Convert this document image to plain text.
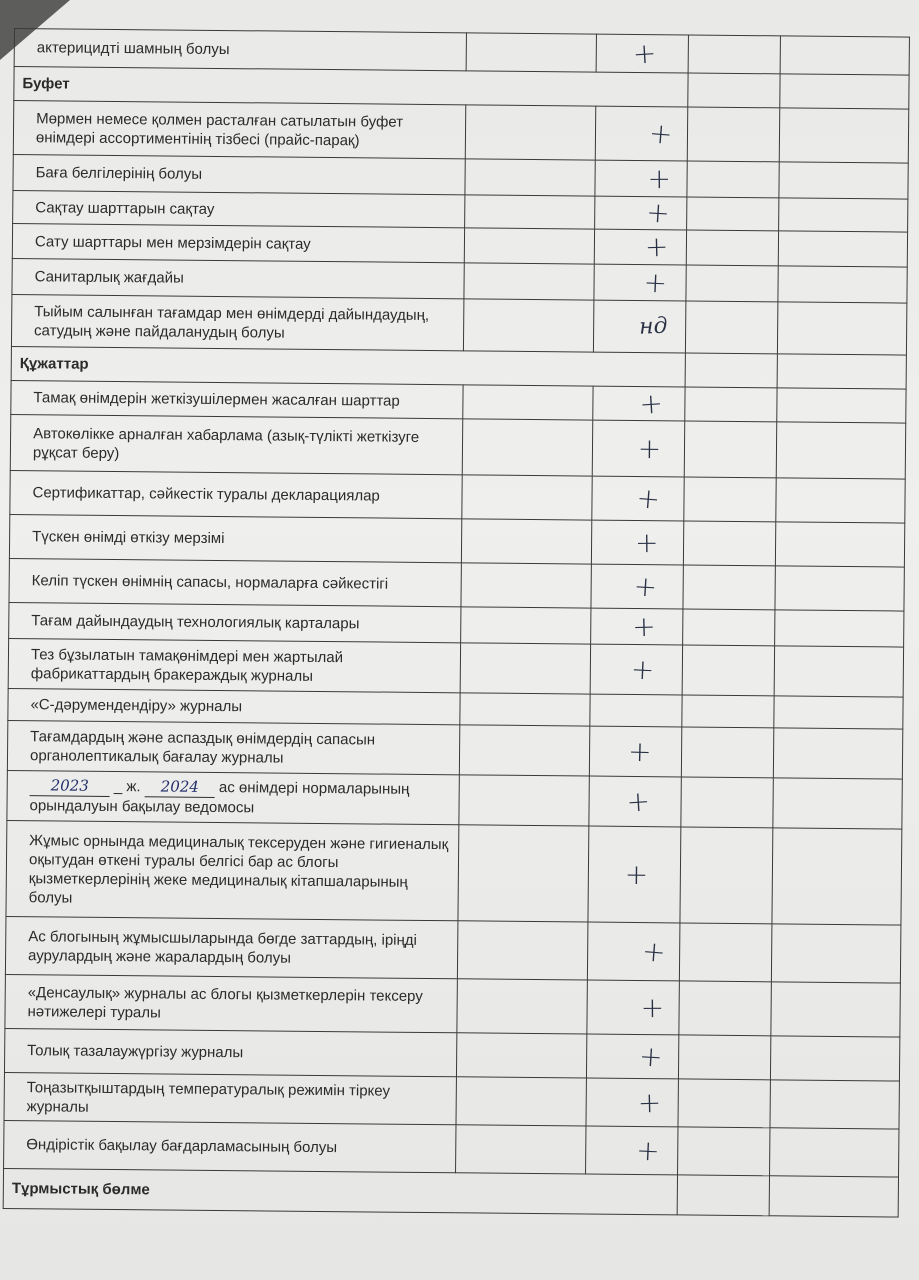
актерицидті шамның болуы		+		
Буфет				
Мөрмен немесе қолмен расталған сатылатын буфет өнімдері ассортиментінің тізбесі (прайс-парақ)		+		
Баға белгілерінің болуы		+		
Сақтау шарттарын сақтау		+		
Сату шарттары мен мерзімдерін сақтау		+		
Санитарлық жағдайы		+		
Тыйым салынған тағамдар мен өнімдерді дайындаудың, сатудың және пайдаланудың болуы		нд		
Құжаттар				
Тамақ өнімдерін жеткізушілермен жасалған шарттар		+		
Автокөлікке арналған хабарлама (азық-түлікті жеткізуге рұқсат беру)		+		
Сертификаттар, сәйкестік туралы декларациялар		+		
Түскен өнімді өткізу мерзімі		+		
Келіп түскен өнімнің сапасы, нормаларға сәйкестігі		+		
Тағам дайындаудың технологиялық карталары		+		
Тез бұзылатын тамақөнімдері мен жартылай фабрикаттардың бракераждық журналы		+		
«С-дәрумендендіру» журналы				
Тағамдардың және аспаздық өнімдердің сапасын органолептикалық бағалау журналы		+		
2023 _ ж. 2024 ас өнімдері нормаларының
орындалуын бақылау ведомосы		+		
Жұмыс орнында медициналық тексеруден және гигиеналық оқытудан өткені туралы белгісі бар ас блогы қызметкерлерінің жеке медициналық кітапшаларының болуы		+		
Ас блогының жұмысшыларында бөгде заттардың, іріңді аурулардың және жаралардың болуы		+		
«Денсаулық» журналы ас блогы қызметкерлерін тексеру нәтижелері туралы		+		
Толық тазалаужүргізу журналы		+		
Тоңазытқыштардың температуралық режимін тіркеу журналы		+		
Өндірістік бақылау бағдарламасының болуы		+		
Тұрмыстық бөлме				
